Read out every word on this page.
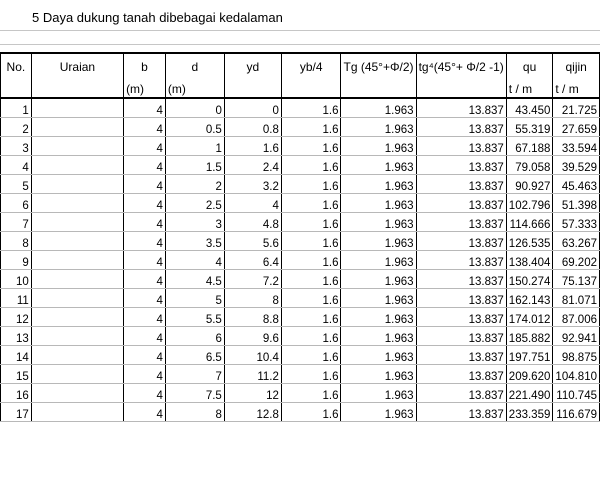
5 Daya dukung tanah dibebagai kedalaman
No.	Uraian	b	d	yd	yb/4	Tg (45°+Φ/2)	tg⁴(45°+ Φ/2 -1)	qu	qijin
		(m)	(m)					t / m	t / m
1		4	0	0	1.6	1.963	13.837	43.450	21.725
2		4	0.5	0.8	1.6	1.963	13.837	55.319	27.659
3		4	1	1.6	1.6	1.963	13.837	67.188	33.594
4		4	1.5	2.4	1.6	1.963	13.837	79.058	39.529
5		4	2	3.2	1.6	1.963	13.837	90.927	45.463
6		4	2.5	4	1.6	1.963	13.837	102.796	51.398
7		4	3	4.8	1.6	1.963	13.837	114.666	57.333
8		4	3.5	5.6	1.6	1.963	13.837	126.535	63.267
9		4	4	6.4	1.6	1.963	13.837	138.404	69.202
10		4	4.5	7.2	1.6	1.963	13.837	150.274	75.137
11		4	5	8	1.6	1.963	13.837	162.143	81.071
12		4	5.5	8.8	1.6	1.963	13.837	174.012	87.006
13		4	6	9.6	1.6	1.963	13.837	185.882	92.941
14		4	6.5	10.4	1.6	1.963	13.837	197.751	98.875
15		4	7	11.2	1.6	1.963	13.837	209.620	104.810
16		4	7.5	12	1.6	1.963	13.837	221.490	110.745
17		4	8	12.8	1.6	1.963	13.837	233.359	116.679
